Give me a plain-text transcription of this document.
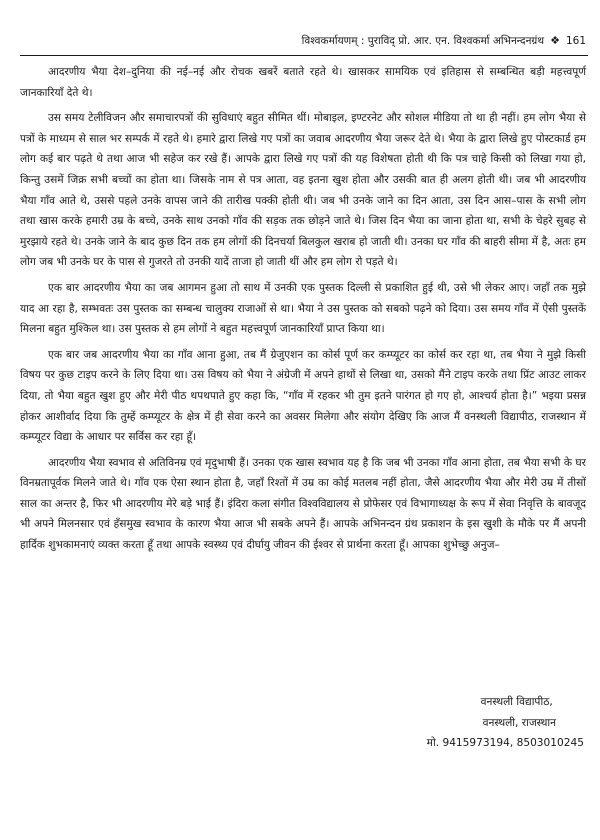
विश्वकर्मायणम् : पुराविद् प्रो. आर. एन. विश्वकर्मा अभिनन्दनग्रंथ ❖ 161

आदरणीय भैया देश–दुनिया की नई–नई और रोचक खबरें बताते रहते थे। खासकर सामयिक एवं इतिहास से सम्बन्धित बड़ी महत्त्वपूर्ण जानकारियाँ देते थे।

उस समय टेलीविजन और समाचारपत्रों की सुविधाएं बहुत सीमित थीं। मोबाइल, इण्टरनेट और सोशल मीडिया तो था ही नहीं। हम लोग भैया से पत्रों के माध्यम से साल भर सम्पर्क में रहते थे। हमारे द्वारा लिखे गए पत्रों का जवाब आदरणीय भैया जरूर देते थे। भैया के द्वारा लिखे हुए पोस्टकार्ड हम लोग कई बार पढ़ते थे तथा आज भी सहेज कर रखे हैं। आपके द्वारा लिखे गए पत्रों की यह विशेषता होती थी कि पत्र चाहे किसी को लिखा गया हो, किन्तु उसमें जिक्र सभी बच्चों का होता था। जिसके नाम से पत्र आता, वह इतना खुश होता और उसकी बात ही अलग होती थी। जब भी आदरणीय भैया गाँव आते थे, उससे पहले उनके वापस जाने की तारीख पक्की होती थी। जब भी उनके जाने का दिन आता, उस दिन आस–पास के सभी लोग तथा खास करके हमारी उम्र के बच्चे, उनके साथ उनको गाँव की सड़क तक छोड़ने जाते थे। जिस दिन भैया का जाना होता था, सभी के चेहरे सुबह से मुरझाये रहते थे। उनके जाने के बाद कुछ दिन तक हम लोगों की दिनचर्या बिलकुल खराब हो जाती थी। उनका घर गाँव की बाहरी सीमा में है, अतः हम लोग जब भी उनके घर के पास से गुजरते तो उनकी यादें ताजा हो जाती थीं और हम लोग रो पड़ते थे।

एक बार आदरणीय भैया का जब आगमन हुआ तो साथ में उनकी एक पुस्तक दिल्ली से प्रकाशित हुई थी, उसे भी लेकर आए। जहाँ तक मुझे याद आ रहा है, सम्भवतः उस पुस्तक का सम्बन्ध चालुक्य राजाओं से था। भैया ने उस पुस्तक को सबको पढ़ने को दिया। उस समय गाँव में ऐसी पुस्तकें मिलना बहुत मुश्किल था। उस पुस्तक से हम लोगों ने बहुत महत्त्वपूर्ण जानकारियाँ प्राप्त किया था।

एक बार जब आदरणीय भैया का गाँव आना हुआ, तब मैं ग्रेजुएशन का कोर्स पूर्ण कर कम्प्यूटर का कोर्स कर रहा था, तब भैया ने मुझे किसी विषय पर कुछ टाइप करने के लिए दिया था। उस विषय को भैया ने अंग्रेजी में अपने हाथों से लिखा था, उसको मैंने टाइप करके तथा प्रिंट आउट लाकर दिया, तो भैया बहुत खुश हुए और मेरी पीठ थपथपाते हुए कहा कि, “गाँव में रहकर भी तुम इतने पारंगत हो गए हो, आश्चर्य होता है।” भइया प्रसन्न होकर आशीर्वाद दिया कि तुम्हें कम्प्यूटर के क्षेत्र में ही सेवा करने का अवसर मिलेगा और संयोग देखिए कि आज मैं वनस्थली विद्यापीठ, राजस्थान में कम्प्यूटर विद्या के आधार पर सर्विस कर रहा हूँ।

आदरणीय भैया स्वभाव से अतिविनम्र एवं मृदुभाषी हैं। उनका एक खास स्वभाव यह है कि जब भी उनका गाँव आना होता, तब भैया सभी के घर विनम्रतापूर्वक मिलने जाते थे। गाँव एक ऐसा स्थान होता है, जहाँ रिश्तों में उम्र का कोई मतलब नहीं होता, जैसे आदरणीय भैया और मेरी उम्र में तीसों साल का अन्तर है, फिर भी आदरणीय मेरे बड़े भाई हैं। इंदिरा कला संगीत विश्वविद्यालय से प्रोफेसर एवं विभागाध्यक्ष के रूप में सेवा निवृत्ति के बावजूद भी अपने मिलनसार एवं हँसमुख स्वभाव के कारण भैया आज भी सबके अपने हैं। आपके अभिनन्दन ग्रंथ प्रकाशन के इस खुशी के मौके पर मैं अपनी हार्दिक शुभकामनाएं व्यक्त करता हूँ तथा आपके स्वस्थ्य एवं दीर्घायु जीवन की ईश्वर से प्रार्थना करता हूँ। आपका शुभेच्छु अनुज–

वनस्थली विद्यापीठ,
वनस्थली, राजस्थान
मो. 9415973194, 8503010245
